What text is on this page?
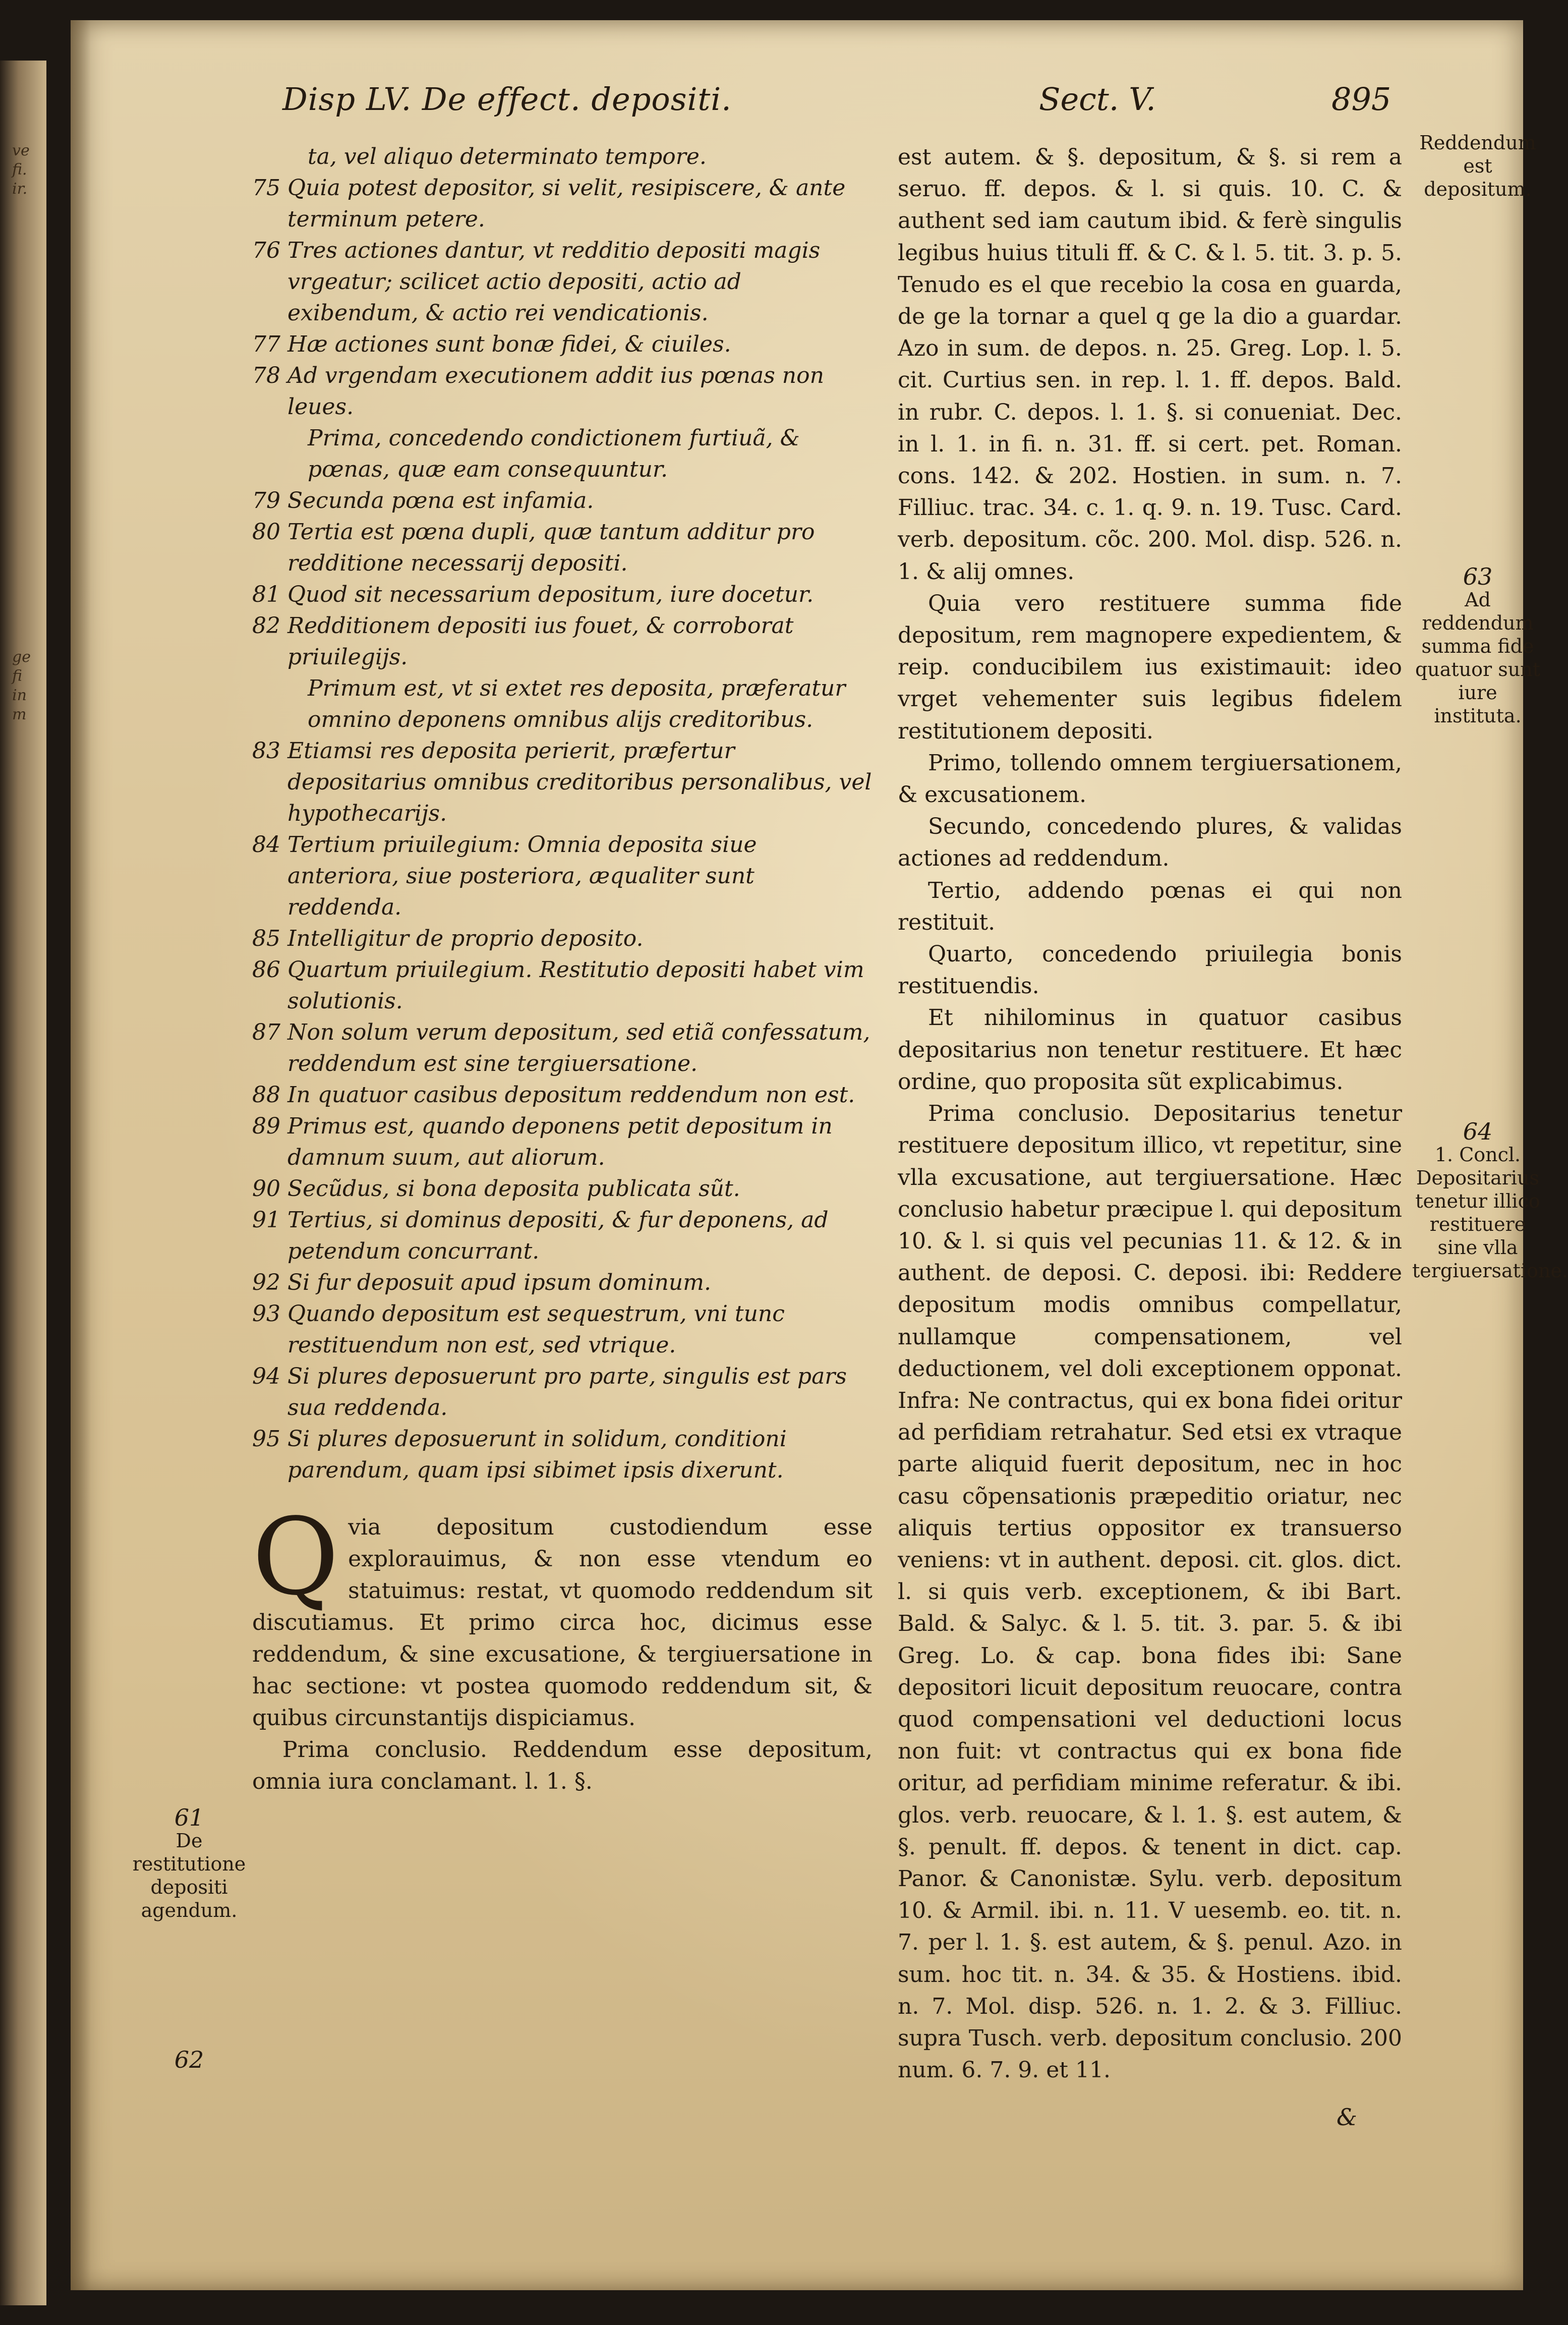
ve
fi.
ir.
ge
fi
in
m
Disp LV. De effect. depositi.	Sect. V.	895
ta, vel aliquo determinato tempore.
75 Quia potest depositor, si velit, resipiscere, & ante terminum petere.
76 Tres actiones dantur, vt redditio depositi magis vrgeatur; scilicet actio depositi, actio ad exibendum, & actio rei vendicationis.
77 Hæ actiones sunt bonæ fidei, & ciuiles.
78 Ad vrgendam executionem addit ius pœnas non leues.
Prima, concedendo condictionem furtiuã, & pœnas, quæ eam consequuntur.
79 Secunda pœna est infamia.
80 Tertia est pœna dupli, quæ tantum additur pro redditione necessarij depositi.
81 Quod sit necessarium depositum, iure docetur.
82 Redditionem depositi ius fouet, & corroborat priuilegijs.
Primum est, vt si extet res deposita, præferatur omnino deponens omnibus alijs creditoribus.
83 Etiamsi res deposita perierit, præfertur depositarius omnibus creditoribus personalibus, vel hypothecarijs.
84 Tertium priuilegium: Omnia deposita siue anteriora, siue posteriora, æqualiter sunt reddenda.
85 Intelligitur de proprio deposito.
86 Quartum priuilegium. Restitutio depositi habet vim solutionis.
87 Non solum verum depositum, sed etiã confessatum, reddendum est sine tergiuersatione.
88 In quatuor casibus depositum reddendum non est.
89 Primus est, quando deponens petit depositum in damnum suum, aut aliorum.
90 Secũdus, si bona deposita publicata sũt.
91 Tertius, si dominus depositi, & fur deponens, ad petendum concurrant.
92 Si fur deposuit apud ipsum dominum.
93 Quando depositum est sequestrum, vni tunc restituendum non est, sed vtrique.
94 Si plures deposuerunt pro parte, singulis est pars sua reddenda.
95 Si plures deposuerunt in solidum, conditioni parendum, quam ipsi sibimet ipsis dixerunt.
Q via depositum custodiendum esse explorauimus, & non esse vtendum eo statuimus: restat, vt quomodo reddendum sit discutiamus. Et primo circa hoc, dicimus esse reddendum, & sine excusatione, & tergiuersatione in hac sectione: vt postea quomodo reddendum sit, & quibus circunstantijs dispiciamus.

Prima conclusio. Reddendum esse depositum, omnia iura conclamant. l. 1. §.

61
De restitutione depositi agendum.
62

est autem. & §. depositum, & §. si rem a seruo. ff. depos. & l. si quis. 10. C. & authent sed iam cautum ibid. & ferè singulis legibus huius tituli ff. & C. & l. 5. tit. 3. p. 5. Tenudo es el que recebio la cosa en guarda, de ge la tornar a quel q ge la dio a guardar. Azo in sum. de depos. n. 25. Greg. Lop. l. 5. cit. Curtius sen. in rep. l. 1. ff. depos. Bald. in rubr. C. depos. l. 1. §. si conueniat. Dec. in l. 1. in fi. n. 31. ff. si cert. pet. Roman. cons. 142. & 202. Hostien. in sum. n. 7. Filliuc. trac. 34. c. 1. q. 9. n. 19. Tusc. Card. verb. depositum. cõc. 200. Mol. disp. 526. n. 1. & alij omnes.

Quia vero restituere summa fide depositum, rem magnopere expedientem, & reip. conducibilem ius existimauit: ideo vrget vehementer suis legibus fidelem restitutionem depositi.

Primo, tollendo omnem tergiuersationem, & excusationem.

Secundo, concedendo plures, & validas actiones ad reddendum.

Tertio, addendo pœnas ei qui non restituit.

Quarto, concedendo priuilegia bonis restituendis.

Et nihilominus in quatuor casibus depositarius non tenetur restituere. Et hæc ordine, quo proposita sũt explicabimus.

Prima conclusio. Depositarius tenetur restituere depositum illico, vt repetitur, sine vlla excusatione, aut tergiuersatione. Hæc conclusio habetur præcipue l. qui depositum 10. & l. si quis vel pecunias 11. & 12. & in authent. de deposi. C. deposi. ibi: Reddere depositum modis omnibus compellatur, nullamque compensationem, vel deductionem, vel doli exceptionem opponat. Infra: Ne contractus, qui ex bona fidei oritur ad perfidiam retrahatur. Sed etsi ex vtraque parte aliquid fuerit depositum, nec in hoc casu cõpensationis præpeditio oriatur, nec aliquis tertius oppositor ex transuerso veniens: vt in authent. deposi. cit. glos. dict. l. si quis verb. exceptionem, & ibi Bart. Bald. & Salyc. & l. 5. tit. 3. par. 5. & ibi Greg. Lo. & cap. bona fides ibi: Sane depositori licuit depositum reuocare, contra quod compensationi vel deductioni locus non fuit: vt contractus qui ex bona fide oritur, ad perfidiam minime referatur. & ibi. glos. verb. reuocare, & l. 1. §. est autem, & §. penult. ff. depos. & tenent in dict. cap. Panor. & Canonistæ. Sylu. verb. depositum 10. & Armil. ibi. n. 11. V uesemb. eo. tit. n. 7. per l. 1. §. est autem, & §. penul. Azo. in sum. hoc tit. n. 34. & 35. & Hostiens. ibid. n. 7. Mol. disp. 526. n. 1. 2. & 3. Filliuc. supra Tusch. verb. depositum conclusio. 200 num. 6. 7. 9. et 11.

Reddendum est depositum.
63
Ad reddendum summa fide quatuor sunt iure instituta.
64
1. Concl. Depositarius tenetur illico restituere sine vlla tergiuersatione.
&
